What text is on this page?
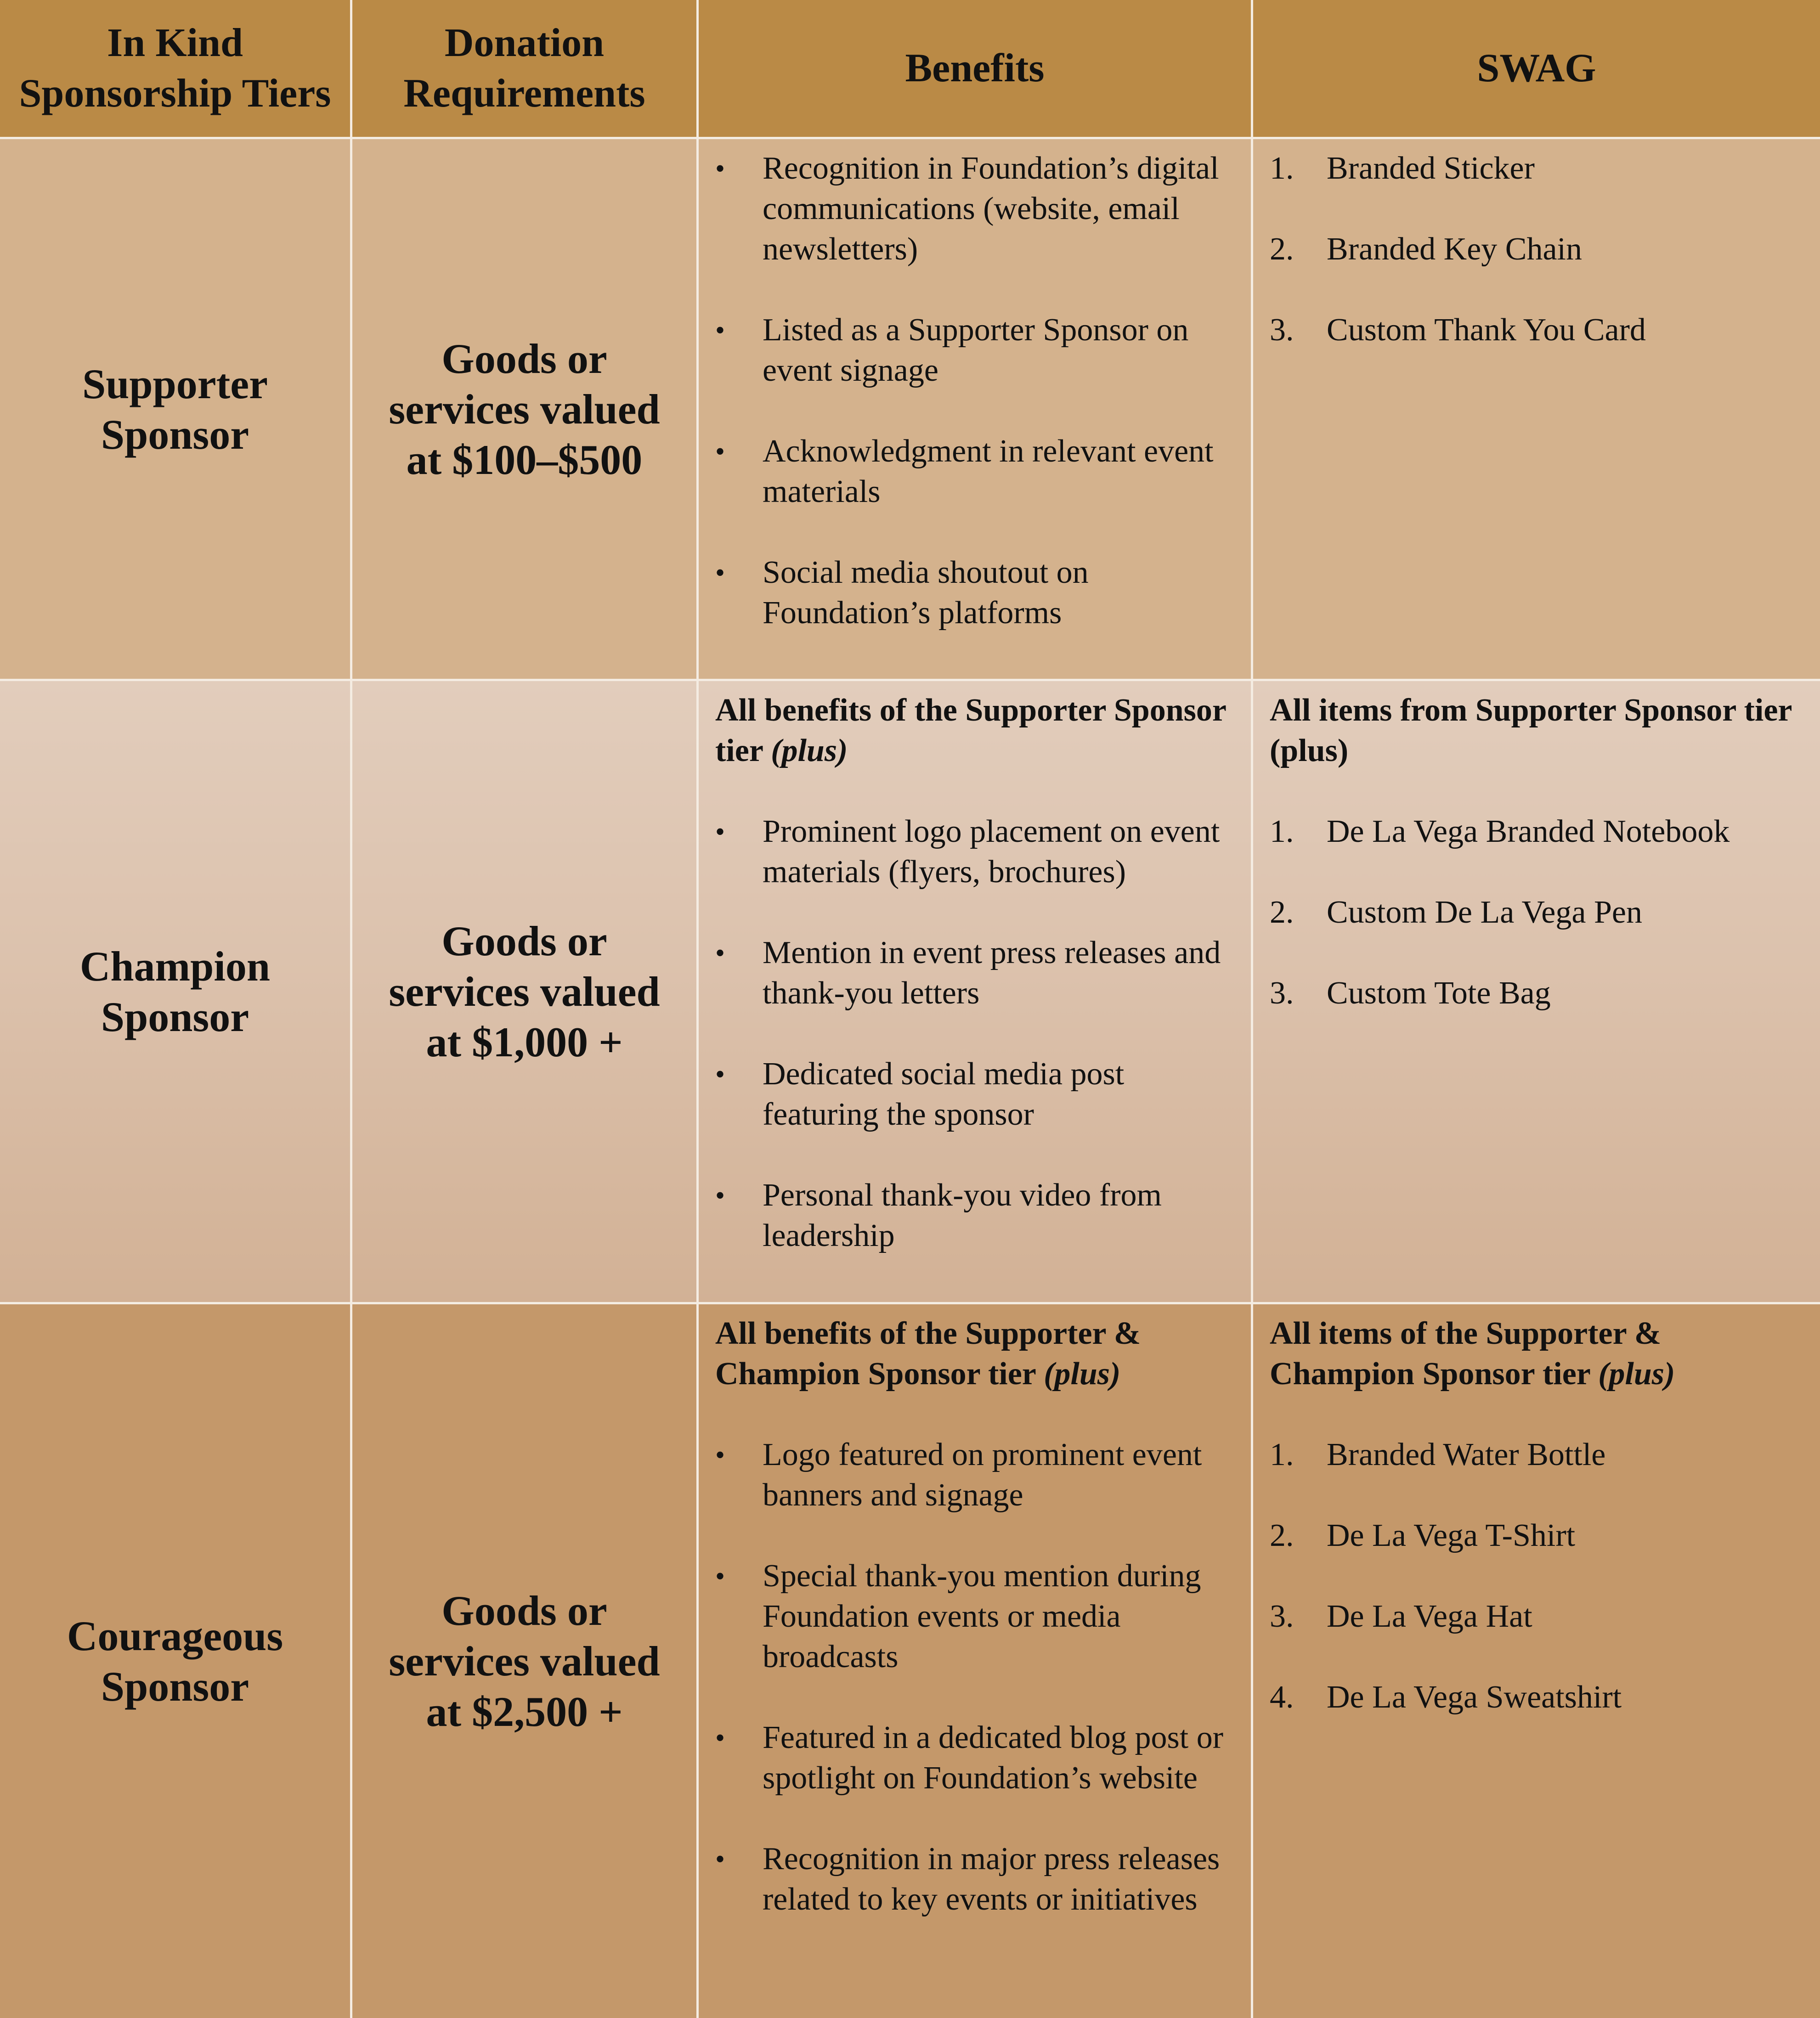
In Kind
Sponsorship Tiers
Donation
Requirements
Benefits	SWAG
Supporter
Sponsor
Goods or
services valued
at $100–$500
• Recognition in Foundation’s digital communications (website, email newsletters)
• Listed as a Supporter Sponsor on event signage
• Acknowledgment in relevant event materials
• Social media shoutout on Foundation’s platforms
1. Branded Sticker
2. Branded Key Chain
3. Custom Thank You Card
Champion
Sponsor
Goods or
services valued
at $1,000 +
All benefits of the Supporter Sponsor tier (plus)
• Prominent logo placement on event materials (flyers, brochures)
• Mention in event press releases and thank-you letters
• Dedicated social media post featuring the sponsor
• Personal thank-you video from leadership
All items from Supporter Sponsor tier (plus)
1. De La Vega Branded Notebook
2. Custom De La Vega Pen
3. Custom Tote Bag
Courageous
Sponsor
Goods or
services valued
at $2,500 +
All benefits of the Supporter & Champion Sponsor tier (plus)
• Logo featured on prominent event banners and signage
• Special thank-you mention during Foundation events or media broadcasts
• Featured in a dedicated blog post or spotlight on Foundation’s website
• Recognition in major press releases related to key events or initiatives
All items of the Supporter & Champion Sponsor tier (plus)
1. Branded Water Bottle
2. De La Vega T-Shirt
3. De La Vega Hat
4. De La Vega Sweatshirt
